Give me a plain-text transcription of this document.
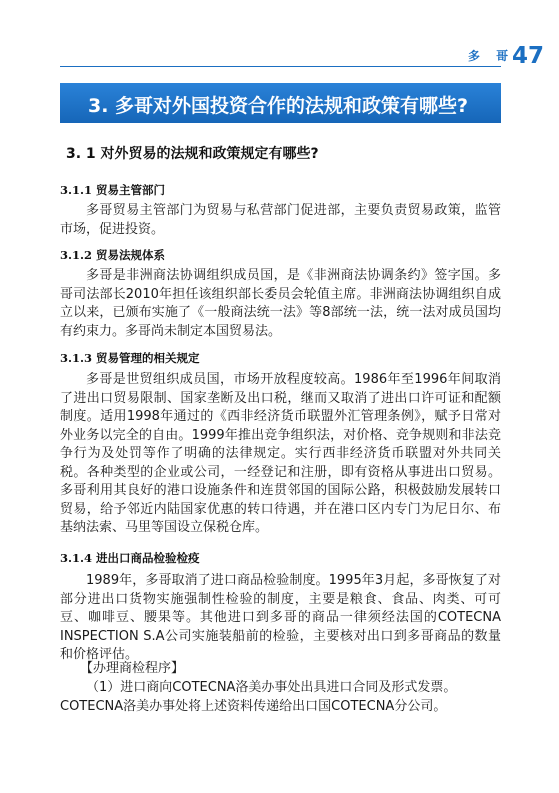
多 哥
47
3. 多哥对外国投资合作的法规和政策有哪些?
3. 1 对外贸易的法规和政策规定有哪些?
3.1.1 贸易主管部门
多哥贸易主管部门为贸易与私营部门促进部，主要负责贸易政策，监管市场，促进投资。
3.1.2 贸易法规体系
多哥是非洲商法协调组织成员国，是《非洲商法协调条约》签字国。多哥司法部长2010年担任该组织部长委员会轮值主席。非洲商法协调组织自成立以来，已颁布实施了《一般商法统一法》等8部统一法，统一法对成员国均有约束力。多哥尚未制定本国贸易法。
3.1.3 贸易管理的相关规定
多哥是世贸组织成员国，市场开放程度较高。1986年至1996年间取消了进出口贸易限制、国家垄断及出口税，继而又取消了进出口许可证和配额制度。适用1998年通过的《西非经济货币联盟外汇管理条例》，赋予日常对外业务以完全的自由。1999年推出竞争组织法，对价格、竞争规则和非法竞争行为及处罚等作了明确的法律规定。实行西非经济货币联盟对外共同关税。各种类型的企业或公司，一经登记和注册，即有资格从事进出口贸易。多哥利用其良好的港口设施条件和连贯邻国的国际公路，积极鼓励发展转口贸易，给予邻近内陆国家优惠的转口待遇，并在港口区内专门为尼日尔、布基纳法索、马里等国设立保税仓库。
3.1.4 进出口商品检验检疫
1989年，多哥取消了进口商品检验制度。1995年3月起，多哥恢复了对部分进出口货物实施强制性检验的制度，主要是粮食、食品、肉类、可可豆、咖啡豆、腰果等。其他进口到多哥的商品一律须经法国的COTECNA INSPECTION S.A公司实施装船前的检验，主要核对出口到多哥商品的数量和价格评估。
【办理商检程序】
（1）进口商向COTECNA洛美办事处出具进口合同及形式发票。
COTECNA洛美办事处将上述资料传递给出口国COTECNA分公司。
